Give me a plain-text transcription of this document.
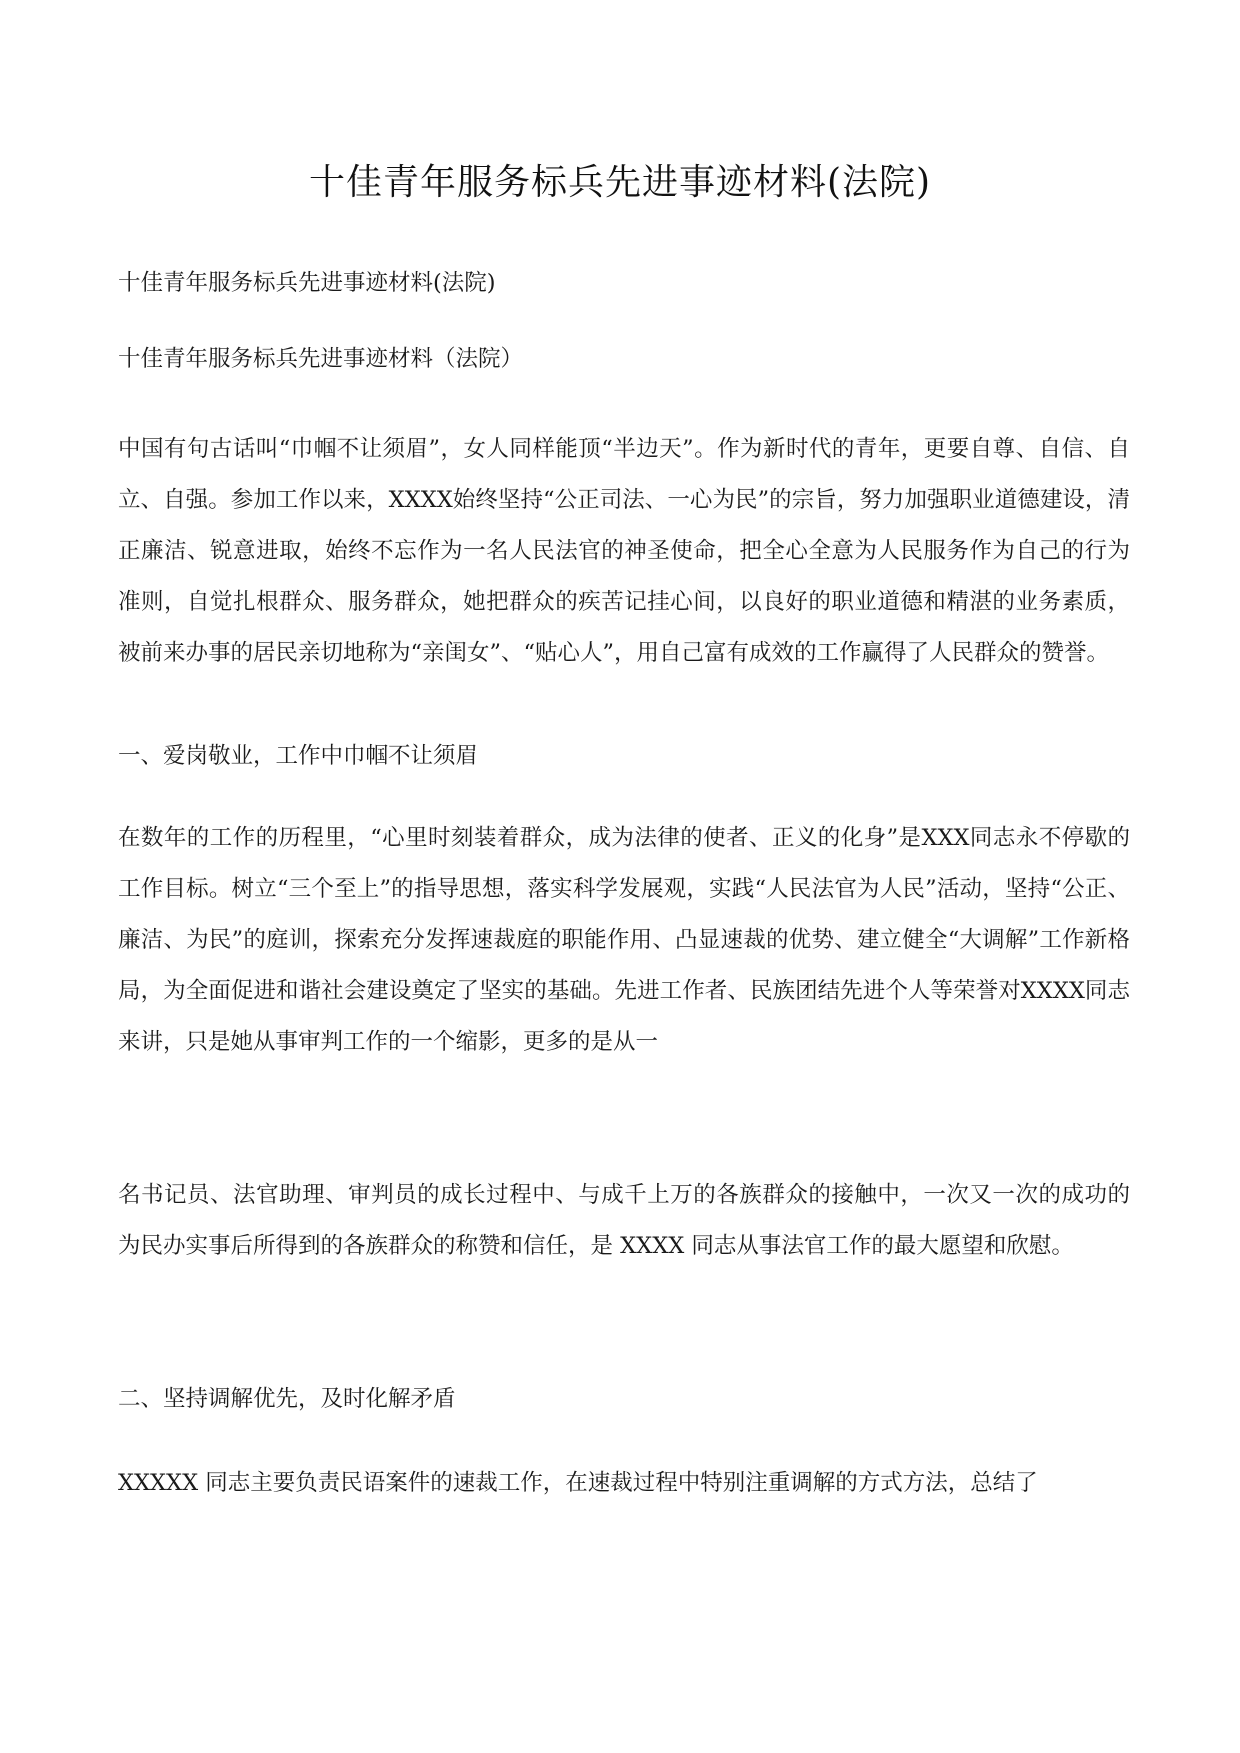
十佳青年服务标兵先进事迹材料(法院)
十佳青年服务标兵先进事迹材料(法院)
十佳青年服务标兵先进事迹材料（法院）
中国有句古话叫“巾帼不让须眉”，女人同样能顶“半边天”。作为新时代的青年，更要自尊、自信、自立、自强。参加工作以来，XXXX始终坚持“公正司法、一心为民”的宗旨，努力加强职业道德建设，清正廉洁、锐意进取，始终不忘作为一名人民法官的神圣使命，把全心全意为人民服务作为自己的行为准则，自觉扎根群众、服务群众，她把群众的疾苦记挂心间，以良好的职业道德和精湛的业务素质，被前来办事的居民亲切地称为“亲闺女”、“贴心人”，用自己富有成效的工作赢得了人民群众的赞誉。
一、爱岗敬业，工作中巾帼不让须眉
在数年的工作的历程里，“心里时刻装着群众，成为法律的使者、正义的化身”是XXX同志永不停歇的工作目标。树立“三个至上”的指导思想，落实科学发展观，实践“人民法官为人民”活动，坚持“公正、廉洁、为民”的庭训，探索充分发挥速裁庭的职能作用、凸显速裁的优势、建立健全“大调解”工作新格局，为全面促进和谐社会建设奠定了坚实的基础。先进工作者、民族团结先进个人等荣誉对XXXX同志来讲，只是她从事审判工作的一个缩影，更多的是从一
名书记员、法官助理、审判员的成长过程中、与成千上万的各族群众的接触中，一次又一次的成功的为民办实事后所得到的各族群众的称赞和信任，是 XXXX 同志从事法官工作的最大愿望和欣慰。
二、坚持调解优先，及时化解矛盾
XXXXX 同志主要负责民语案件的速裁工作，在速裁过程中特别注重调解的方式方法，总结了
